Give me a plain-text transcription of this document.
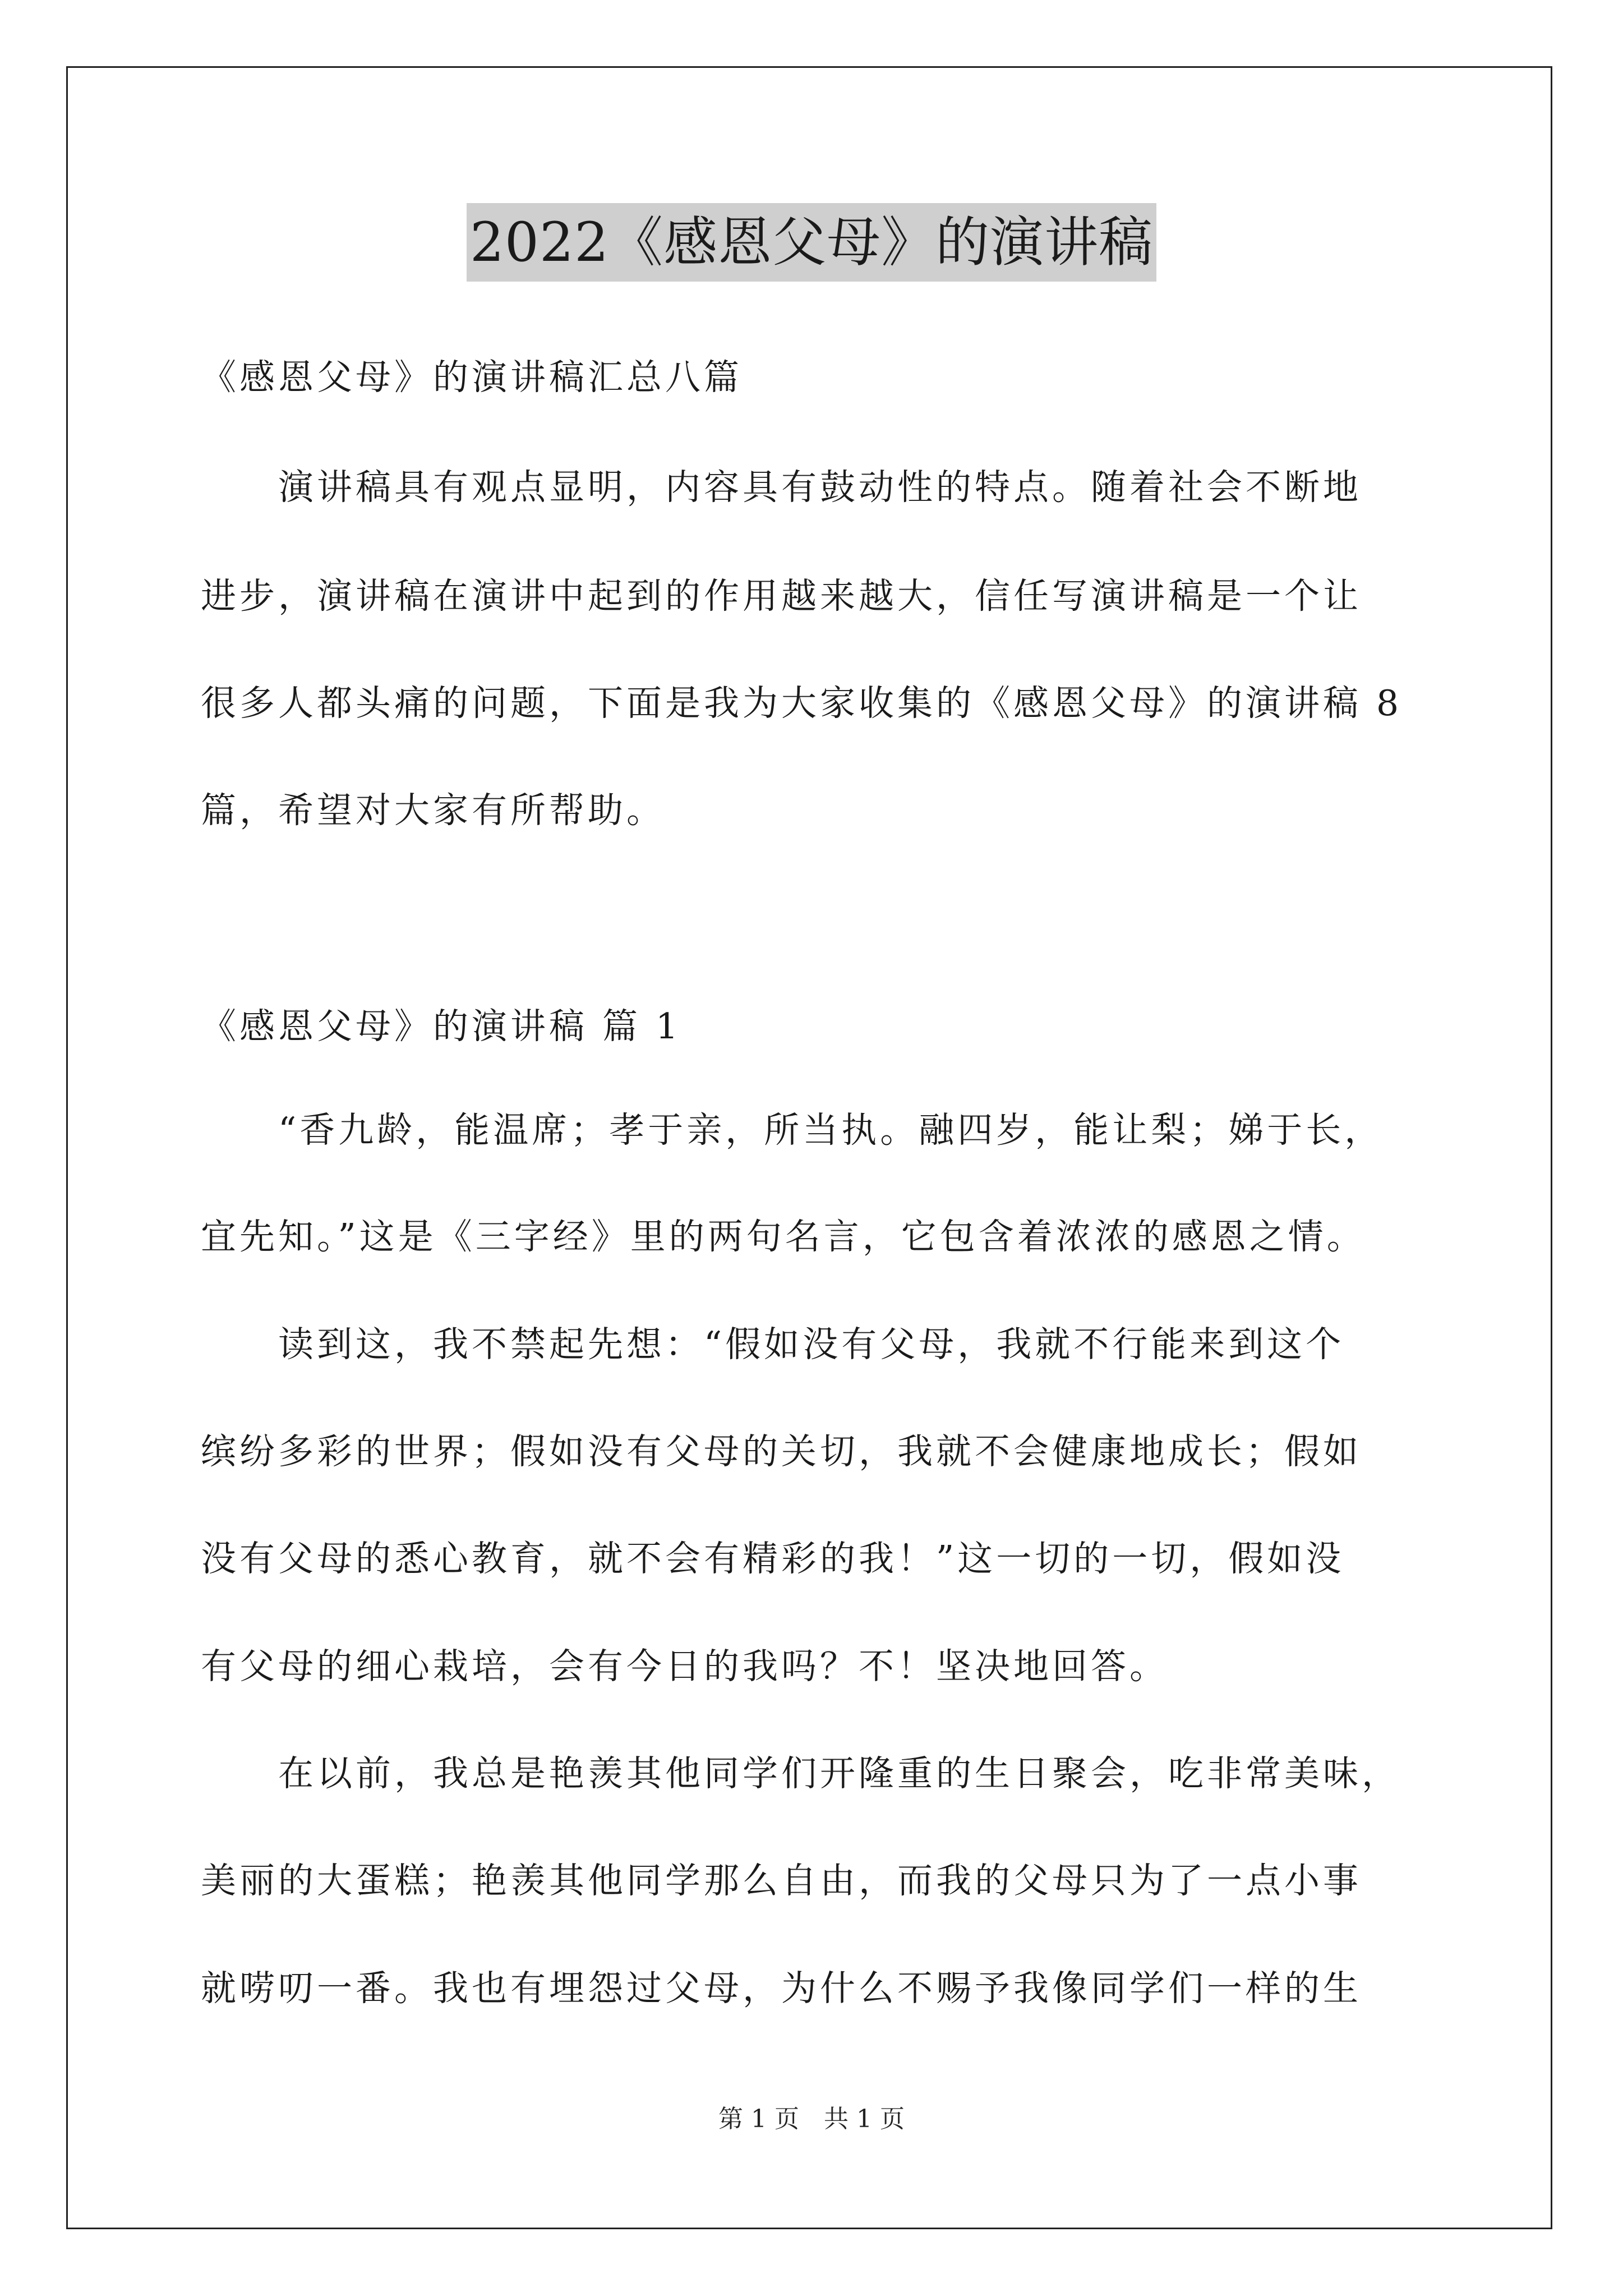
2022《感恩父母》的演讲稿
《感恩父母》的演讲稿汇总八篇
　　演讲稿具有观点显明，内容具有鼓动性的特点。随着社会不断地
进步，演讲稿在演讲中起到的作用越来越大，信任写演讲稿是一个让
很多人都头痛的问题，下面是我为大家收集的《感恩父母》的演讲稿 8
篇，希望对大家有所帮助。
《感恩父母》的演讲稿 篇 1
　　“香九龄，能温席；孝于亲，所当执。融四岁，能让梨；娣于长，
宜先知。”这是《三字经》里的两句名言，它包含着浓浓的感恩之情。
　　读到这，我不禁起先想：“假如没有父母，我就不行能来到这个
缤纷多彩的世界；假如没有父母的关切，我就不会健康地成长；假如
没有父母的悉心教育，就不会有精彩的我！”这一切的一切，假如没
有父母的细心栽培，会有今日的我吗？不！坚决地回答。
　　在以前，我总是艳羡其他同学们开隆重的生日聚会，吃非常美味，
美丽的大蛋糕；艳羡其他同学那么自由，而我的父母只为了一点小事
就唠叨一番。我也有埋怨过父母，为什么不赐予我像同学们一样的生
第 1 页　共 1 页
